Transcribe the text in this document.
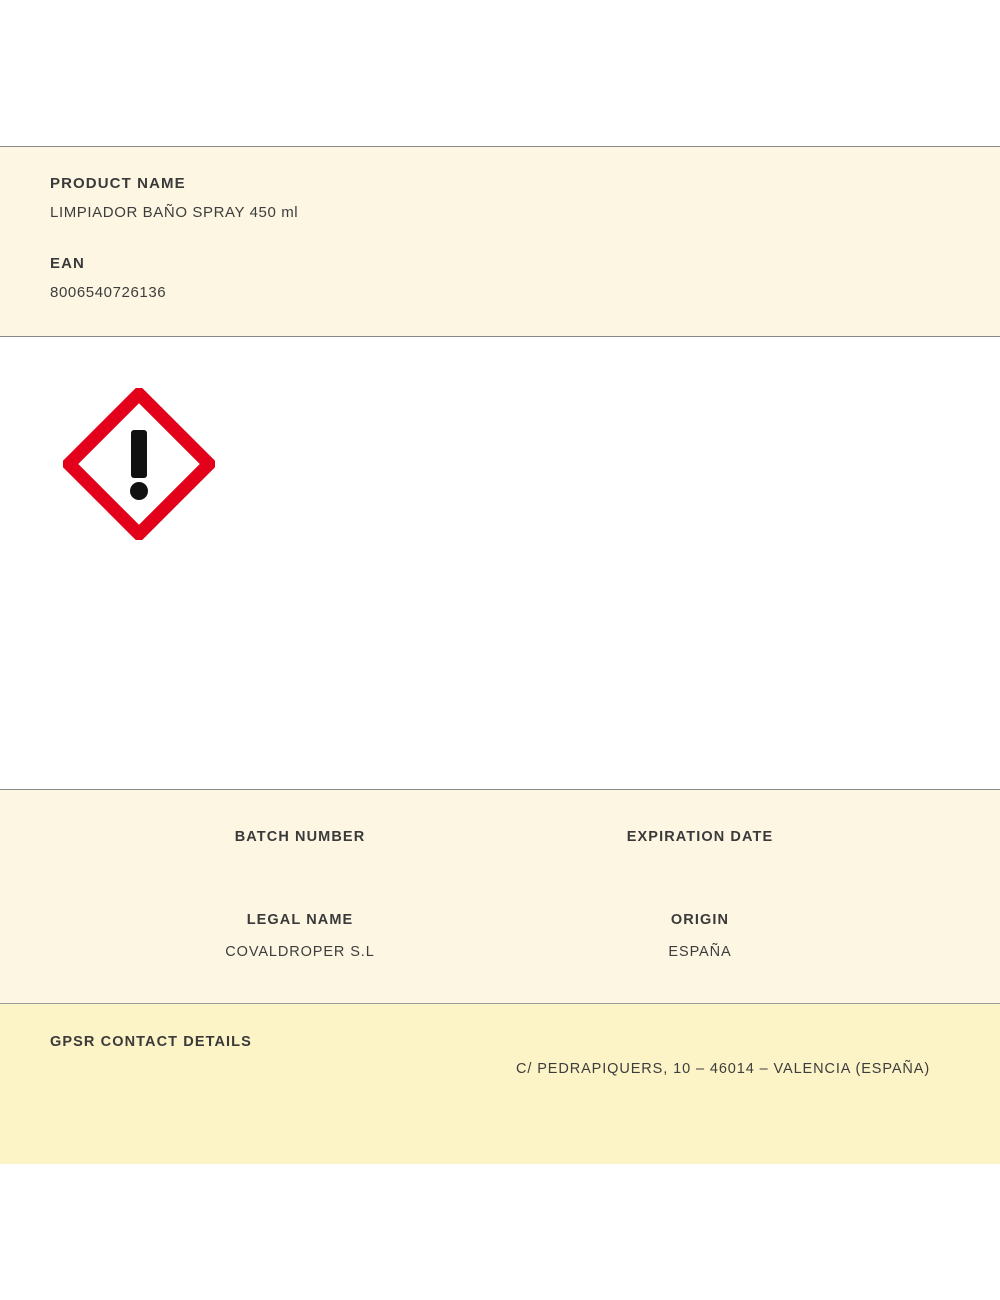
PRODUCT NAME
LIMPIADOR BAÑO SPRAY 450 ml
EAN
8006540726136
BATCH NUMBER	EXPIRATION DATE
LEGAL NAME
COVALDROPER S.L
ORIGIN
ESPAÑA
GPSR CONTACT DETAILS
C/ PEDRAPIQUERS, 10 – 46014 – VALENCIA (ESPAÑA)
